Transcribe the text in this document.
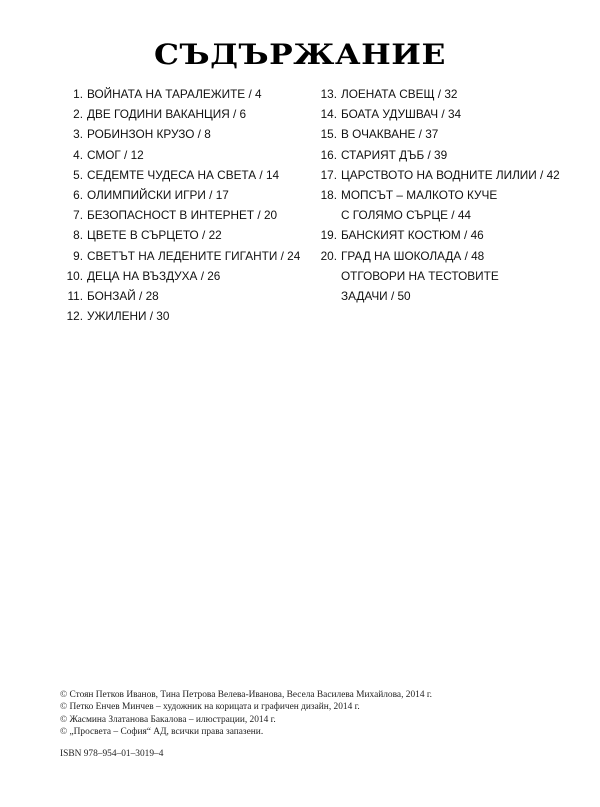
СЪДЪРЖАНИЕ
1. ВОЙНАТА НА ТАРАЛЕЖИТЕ / 4
2. ДВЕ ГОДИНИ ВАКАНЦИЯ / 6
3. РОБИНЗОН КРУЗО / 8
4. СМОГ / 12
5. СЕДЕМТЕ ЧУДЕСА НА СВЕТА / 14
6. ОЛИМПИЙСКИ ИГРИ / 17
7. БЕЗОПАСНОСТ В ИНТЕРНЕТ / 20
8. ЦВЕТЕ В СЪРЦЕТО / 22
9. СВЕТЪТ НА ЛЕДЕНИТЕ ГИГАНТИ / 24
10. ДЕЦА НА ВЪЗДУХА / 26
11. БОНЗАЙ / 28
12. УЖИЛЕНИ / 30
13. ЛОЕНАТА СВЕЩ / 32
14. БОАТА УДУШВАЧ / 34
15. В ОЧАКВАНЕ / 37
16. СТАРИЯТ ДЪБ / 39
17. ЦАРСТВОТО НА ВОДНИТЕ ЛИЛИИ / 42
18. МОПСЪТ – МАЛКОТО КУЧЕ
С ГОЛЯМО СЪРЦЕ / 44
19. БАНСКИЯТ КОСТЮМ / 46
20. ГРАД НА ШОКОЛАДА / 48
ОТГОВОРИ НА ТЕСТОВИТЕ
ЗАДАЧИ / 50
© Стоян Петков Иванов, Тина Петрова Велева-Иванова, Весела Василева Михайлова, 2014 г.
© Петко Енчев Минчев – художник на корицата и графичен дизайн, 2014 г.
© Жасмина Златанова Бакалова – илюстрации, 2014 г.
© „Просвета – София“ АД, всички права запазени.
ISBN 978–954–01–3019–4
